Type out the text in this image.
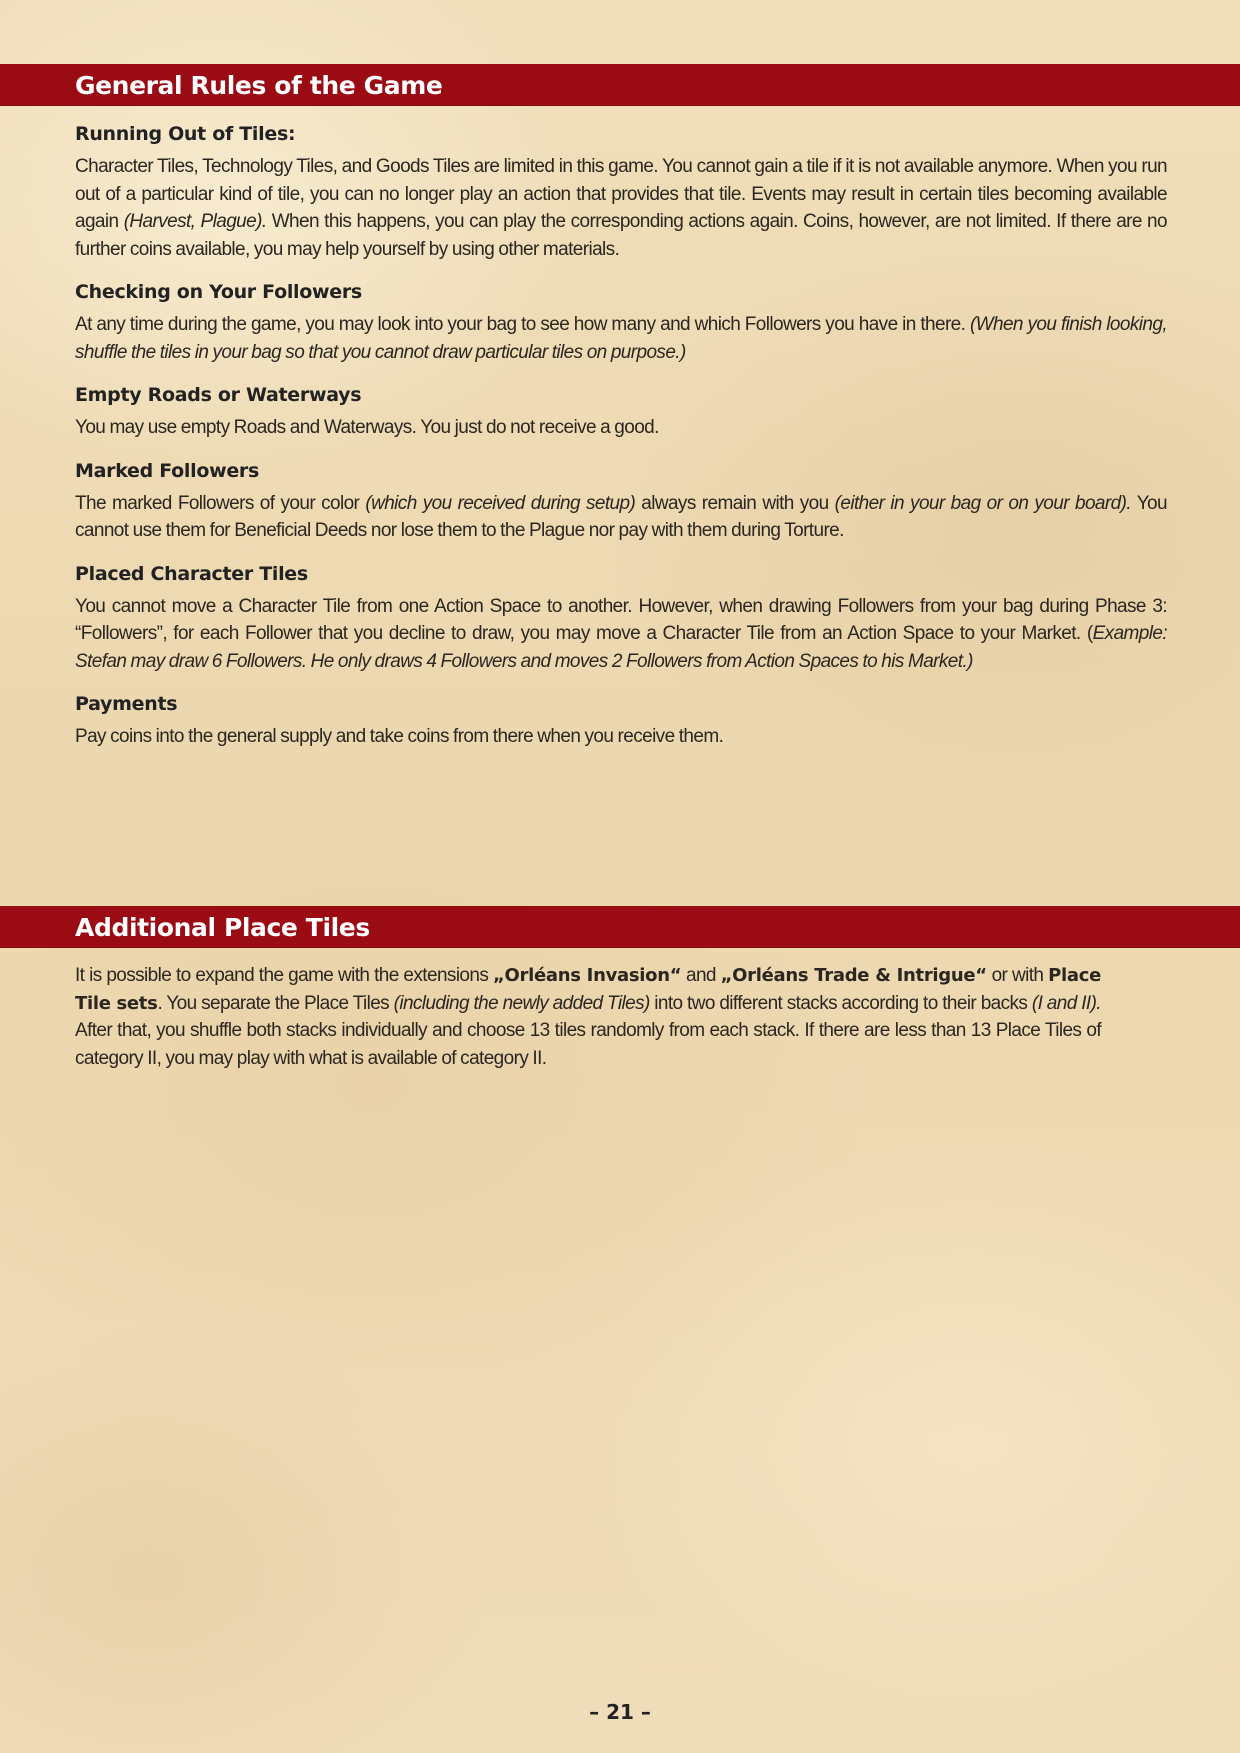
General Rules of the Game
Running Out of Tiles:

Character Tiles, Technology Tiles, and Goods Tiles are limited in this game. You cannot gain a tile if it is not available anymore. When you run out of a particular kind of tile, you can no longer play an action that provides that tile. Events may result in certain tiles becoming available again (Harvest, Plague). When this happens, you can play the corresponding actions again. Coins, however, are not limited. If there are no further coins available, you may help yourself by using other materials.

Checking on Your Followers

At any time during the game, you may look into your bag to see how many and which Followers you have in there. (When you finish looking, shuffle the tiles in your bag so that you cannot draw particular tiles on purpose.)

Empty Roads or Waterways

You may use empty Roads and Waterways. You just do not receive a good.

Marked Followers

The marked Followers of your color (which you received during setup) always remain with you (either in your bag or on your board). You cannot use them for Beneficial Deeds nor lose them to the Plague nor pay with them during Torture.

Placed Character Tiles

You cannot move a Character Tile from one Action Space to another. However, when drawing Followers from your bag during Phase 3: “Followers”, for each Follower that you decline to draw, you may move a Character Tile from an Action Space to your Market. (Example: Stefan may draw 6 Followers. He only draws 4 Followers and moves 2 Followers from Action Spaces to his Market.)

Payments

Pay coins into the general supply and take coins from there when you receive them.

Additional Place Tiles

It is possible to expand the game with the extensions „Orléans Invasion“ and „Orléans Trade & Intrigue“ or with Place Tile sets. You separate the Place Tiles (including the newly added Tiles) into two different stacks according to their backs (I and II). After that, you shuffle both stacks individually and choose 13 tiles randomly from each stack. If there are less than 13 Place Tiles of category II, you may play with what is available of category II.

– 21 –
